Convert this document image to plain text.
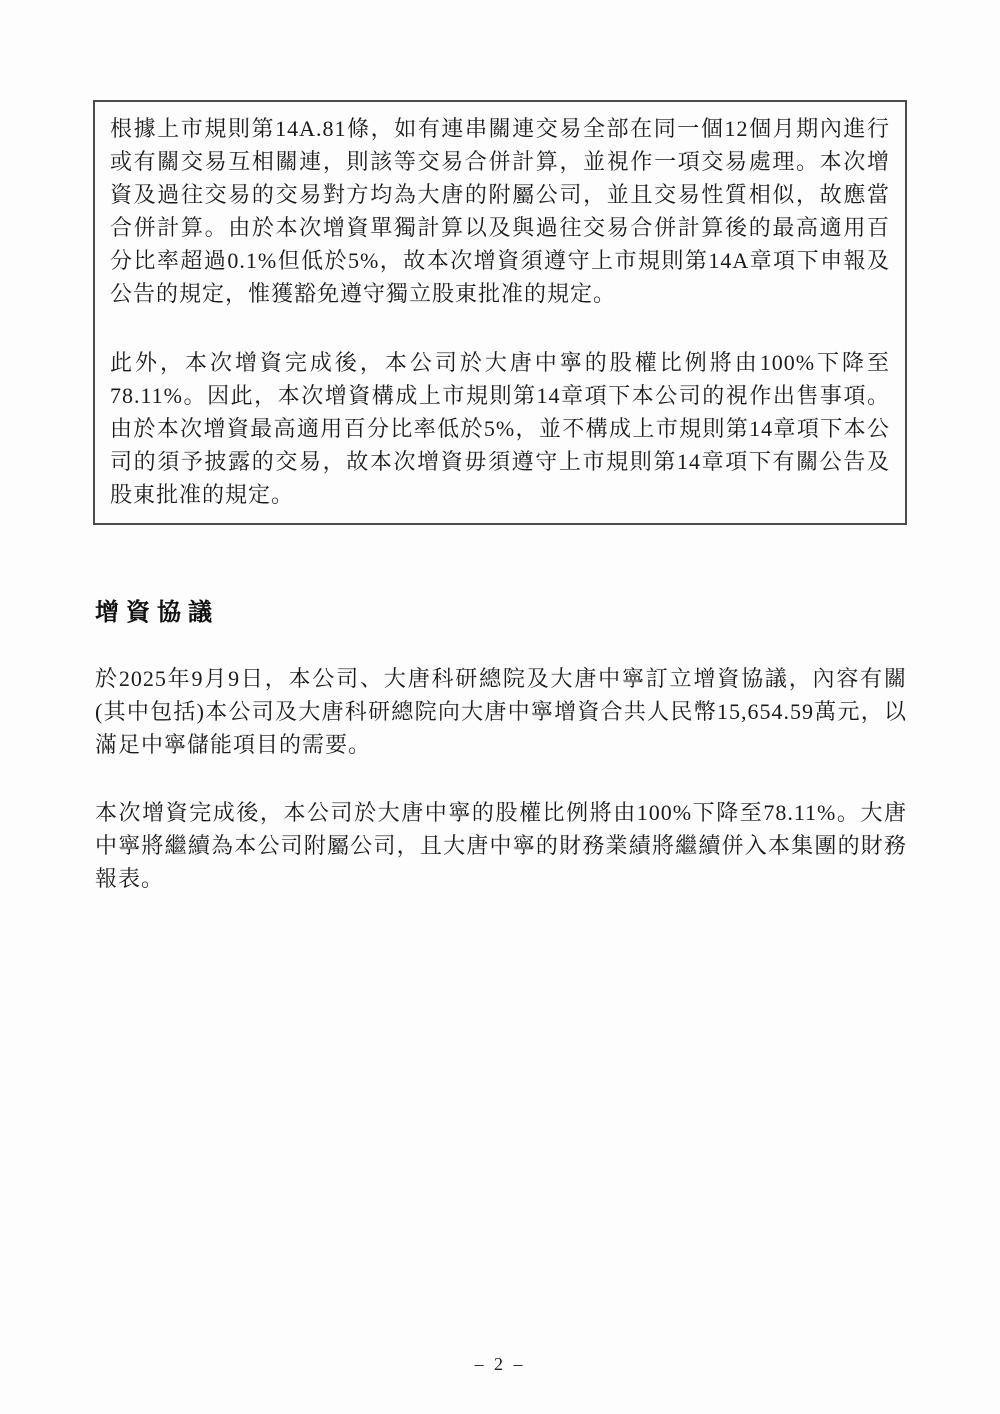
根據上市規則第14A.81條，如有連串關連交易全部在同一個12個月期內進行或有關交易互相關連，則該等交易合併計算，並視作一項交易處理。本次增資及過往交易的交易對方均為大唐的附屬公司，並且交易性質相似，故應當合併計算。由於本次增資單獨計算以及與過往交易合併計算後的最高適用百分比率超過0.1%但低於5%，故本次增資須遵守上市規則第14A章項下申報及公告的規定，惟獲豁免遵守獨立股東批准的規定。

此外，本次增資完成後，本公司於大唐中寧的股權比例將由100%下降至78.11%。因此，本次增資構成上市規則第14章項下本公司的視作出售事項。由於本次增資最高適用百分比率低於5%，並不構成上市規則第14章項下本公司的須予披露的交易，故本次增資毋須遵守上市規則第14章項下有關公告及股東批准的規定。

增資協議

於2025年9月9日，本公司、大唐科研總院及大唐中寧訂立增資協議，內容有關(其中包括)本公司及大唐科研總院向大唐中寧增資合共人民幣15,654.59萬元，以滿足中寧儲能項目的需要。

本次增資完成後，本公司於大唐中寧的股權比例將由100%下降至78.11%。大唐中寧將繼續為本公司附屬公司，且大唐中寧的財務業績將繼續併入本集團的財務報表。

– 2 –
